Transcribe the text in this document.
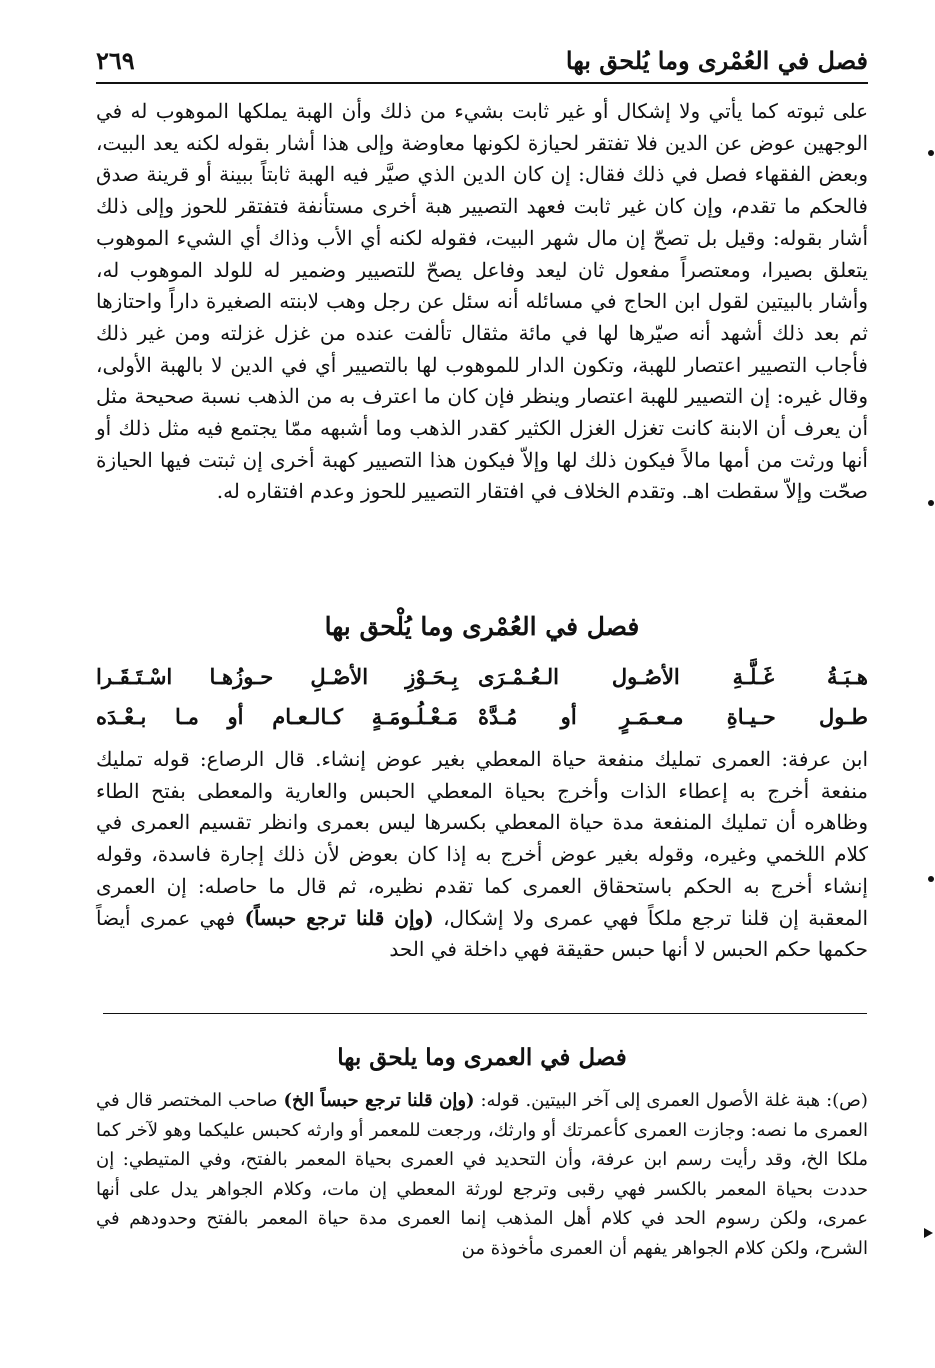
فصل في العُمْرى وما يُلحق بها
٢٦٩

على ثبوته كما يأتي ولا إشكال أو غير ثابت بشيء من ذلك وأن الهبة يملكها الموهوب له في الوجهين عوض عن الدين فلا تفتقر لحيازة لكونها معاوضة وإلى هذا أشار بقوله لكنه يعد البيت، وبعض الفقهاء فصل في ذلك فقال: إن كان الدين الذي صيَّر فيه الهبة ثابتاً ببينة أو قرينة صدق فالحكم ما تقدم، وإن كان غير ثابت فعهد التصيير هبة أخرى مستأنفة فتفتقر للحوز وإلى ذلك أشار بقوله: وقيل بل تصحّ إن مال شهر البيت، فقوله لكنه أي الأب وذاك أي الشيء الموهوب يتعلق بصيرا، ومعتصراً مفعول ثان ليعد وفاعل يصحّ للتصيير وضمير له للولد الموهوب له، وأشار بالبيتين لقول ابن الحاج في مسائله أنه سئل عن رجل وهب لابنته الصغيرة داراً واحتازها ثم بعد ذلك أشهد أنه صيّرها لها في مائة مثقال تألفت عنده من غزل غزلته ومن غير ذلك فأجاب التصيير اعتصار للهبة، وتكون الدار للموهوب لها بالتصيير أي في الدين لا بالهبة الأولى، وقال غيره: إن التصيير للهبة اعتصار وينظر فإن كان ما اعترف به من الذهب نسبة صحيحة مثل أن يعرف أن الابنة كانت تغزل الغزل الكثير كقدر الذهب وما أشبهه ممّا يجتمع فيه مثل ذلك أو أنها ورثت من أمها مالاً فيكون ذلك لها وإلاّ فيكون هذا التصيير كهبة أخرى إن ثبتت فيها الحيازة صحّت وإلاّ سقطت اهـ. وتقدم الخلاف في افتقار التصيير للحوز وعدم افتقاره له.

فصل في العُمْرى وما يُلْحق بها
هـبَـةُ غَـلَّـةِ الأصُـول الـعُـمْـرَى
بِـحَـوْزِ الأصْـلِ حـوزُهـا اسْـتَـقَـرا
طـول حـيـاةِ مـعـمَـرٍ أو مُـدَّهْ
مَـعْـلُـومَـةٍ كـالـعـام أو مـا بـعْـدَه

ابن عرفة: العمرى تمليك منفعة حياة المعطي بغير عوض إنشاء. قال الرصاع: قوله تمليك منفعة أخرج به إعطاء الذات وأخرج بحياة المعطي الحبس والعارية والمعطى بفتح الطاء وظاهره أن تمليك المنفعة مدة حياة المعطي بكسرها ليس بعمرى وانظر تقسيم العمرى في كلام اللخمي وغيره، وقوله بغير عوض أخرج به إذا كان بعوض لأن ذلك إجارة فاسدة، وقوله إنشاء أخرج به الحكم باستحقاق العمرى كما تقدم نظيره، ثم قال ما حاصله: إن العمرى المعقبة إن قلنا ترجع ملكاً فهي عمرى ولا إشكال، (وإن قلنا ترجع حبساً) فهي عمرى أيضاً حكمها حكم الحبس لا أنها حبس حقيقة فهي داخلة في الحد

فصل في العمرى وما يلحق بها

(ص): هبة غلة الأصول العمرى إلى آخر البيتين. قوله: (وإن قلنا ترجع حبساً الخ) صاحب المختصر قال في العمرى ما نصه: وجازت العمرى كأعمرتك أو وارثك، ورجعت للمعمر أو وارثه كحبس عليكما وهو لآخر كما ملكا الخ، وقد رأيت رسم ابن عرفة، وأن التحديد في العمرى بحياة المعمر بالفتح، وفي المتيطي: إن حددت بحياة المعمر بالكسر فهي رقبى وترجع لورثة المعطي إن مات، وكلام الجواهر يدل على أنها عمرى، ولكن رسوم الحد في كلام أهل المذهب إنما العمرى مدة حياة المعمر بالفتح وحدودهم في الشرح، ولكن كلام الجواهر يفهم أن العمرى مأخوذة من
